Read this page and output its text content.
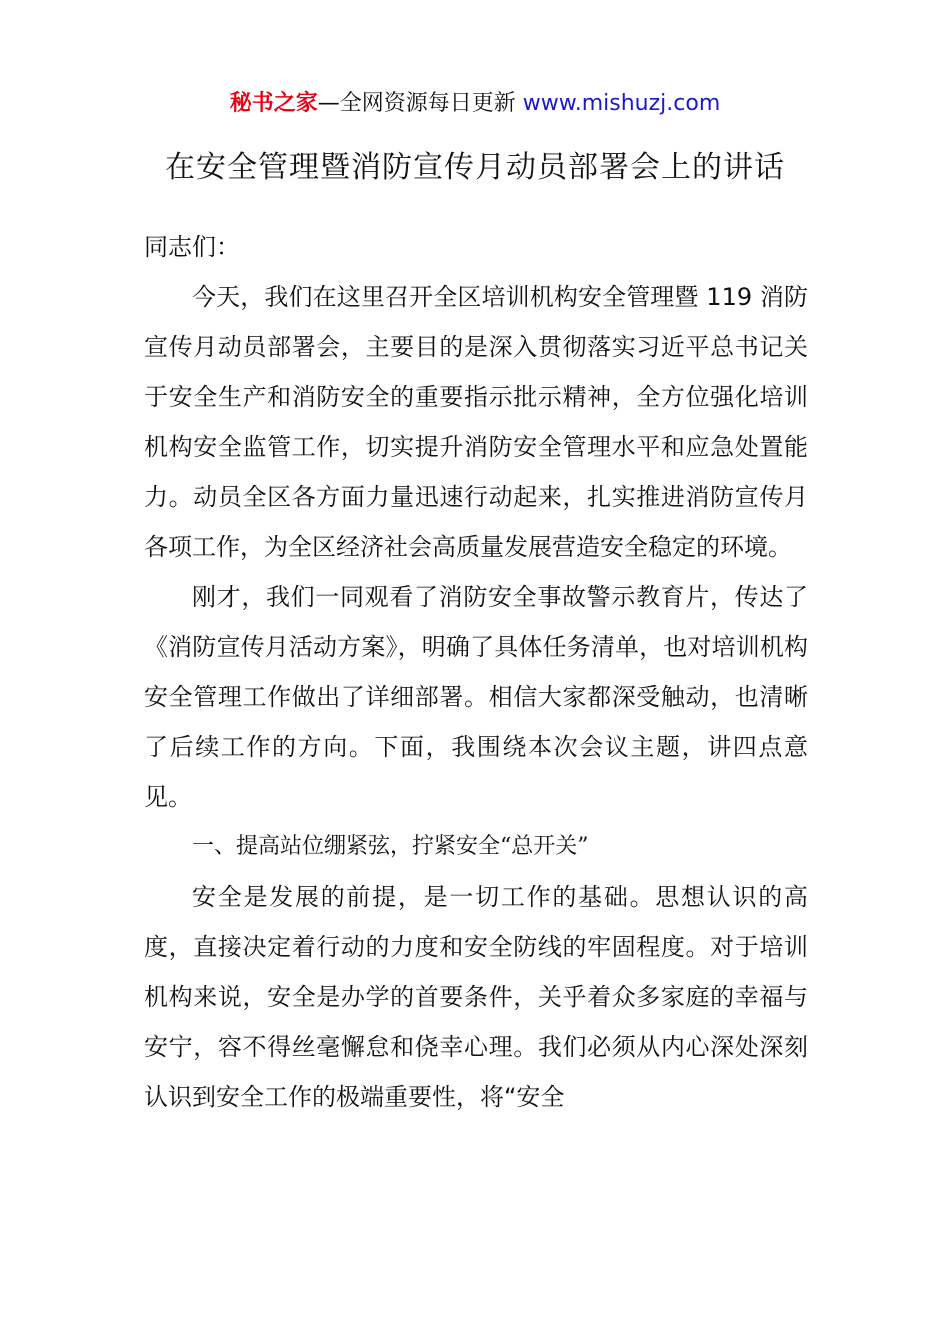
秘书之家—全网资源每日更新 www.mishuzj.com
在安全管理暨消防宣传月动员部署会上的讲话

同志们：

今天，我们在这里召开全区培训机构安全管理暨 119 消防宣传月动员部署会，主要目的是深入贯彻落实习近平总书记关于安全生产和消防安全的重要指示批示精神，全方位强化培训机构安全监管工作，切实提升消防安全管理水平和应急处置能力。动员全区各方面力量迅速行动起来，扎实推进消防宣传月各项工作，为全区经济社会高质量发展营造安全稳定的环境。

刚才，我们一同观看了消防安全事故警示教育片，传达了《消防宣传月活动方案》，明确了具体任务清单，也对培训机构安全管理工作做出了详细部署。相信大家都深受触动，也清晰了后续工作的方向。下面，我围绕本次会议主题，讲四点意见。

一、提高站位绷紧弦，拧紧安全“总开关”

安全是发展的前提，是一切工作的基础。思想认识的高度，直接决定着行动的力度和安全防线的牢固程度。对于培训机构来说，安全是办学的首要条件，关乎着众多家庭的幸福与安宁，容不得丝毫懈怠和侥幸心理。我们必须从内心深处深刻认识到安全工作的极端重要性，将“安全
